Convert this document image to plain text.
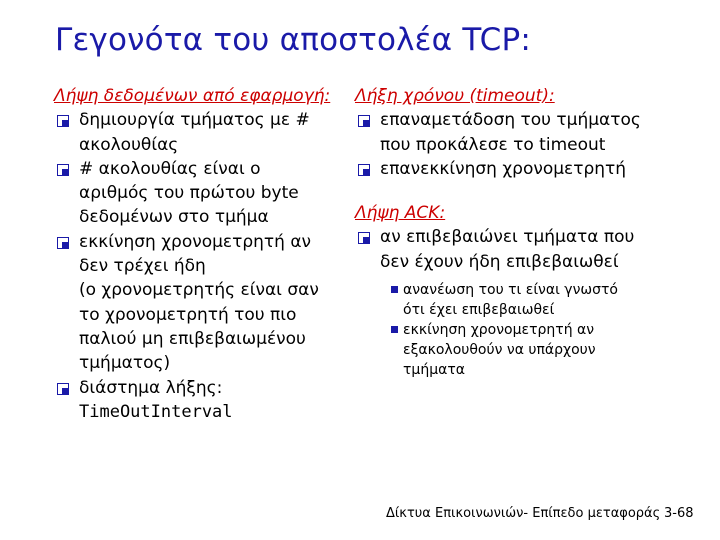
Γεγονότα του αποστολέα TCP:
Λήψη δεδομένων από εφαρμογή:
δημιουργία τμήματος με #
ακολουθίας
# ακολουθίας είναι ο
αριθμός του πρώτου byte
δεδομένων στο τμήμα
εκκίνηση χρονομετρητή αν
δεν τρέχει ήδη
(ο χρονομετρητής είναι σαν
το χρονομετρητή του πιο
παλιού μη επιβεβαιωμένου
τμήματος)
διάστημα λήξης:
TimeOutInterval
Λήξη χρόνου (timeout):
επαναμετάδοση του τμήματος
που προκάλεσε το timeout
επανεκκίνηση χρονομετρητή
Λήψη ACK:
αν επιβεβαιώνει τμήματα που
δεν έχουν ήδη επιβεβαιωθεί
ανανέωση του τι είναι γνωστό
ότι έχει επιβεβαιωθεί
εκκίνηση χρονομετρητή αν
εξακολουθούν να υπάρχουν
τμήματα
Δίκτυα Επικοινωνιών- Επίπεδο μεταφοράς 3-68
